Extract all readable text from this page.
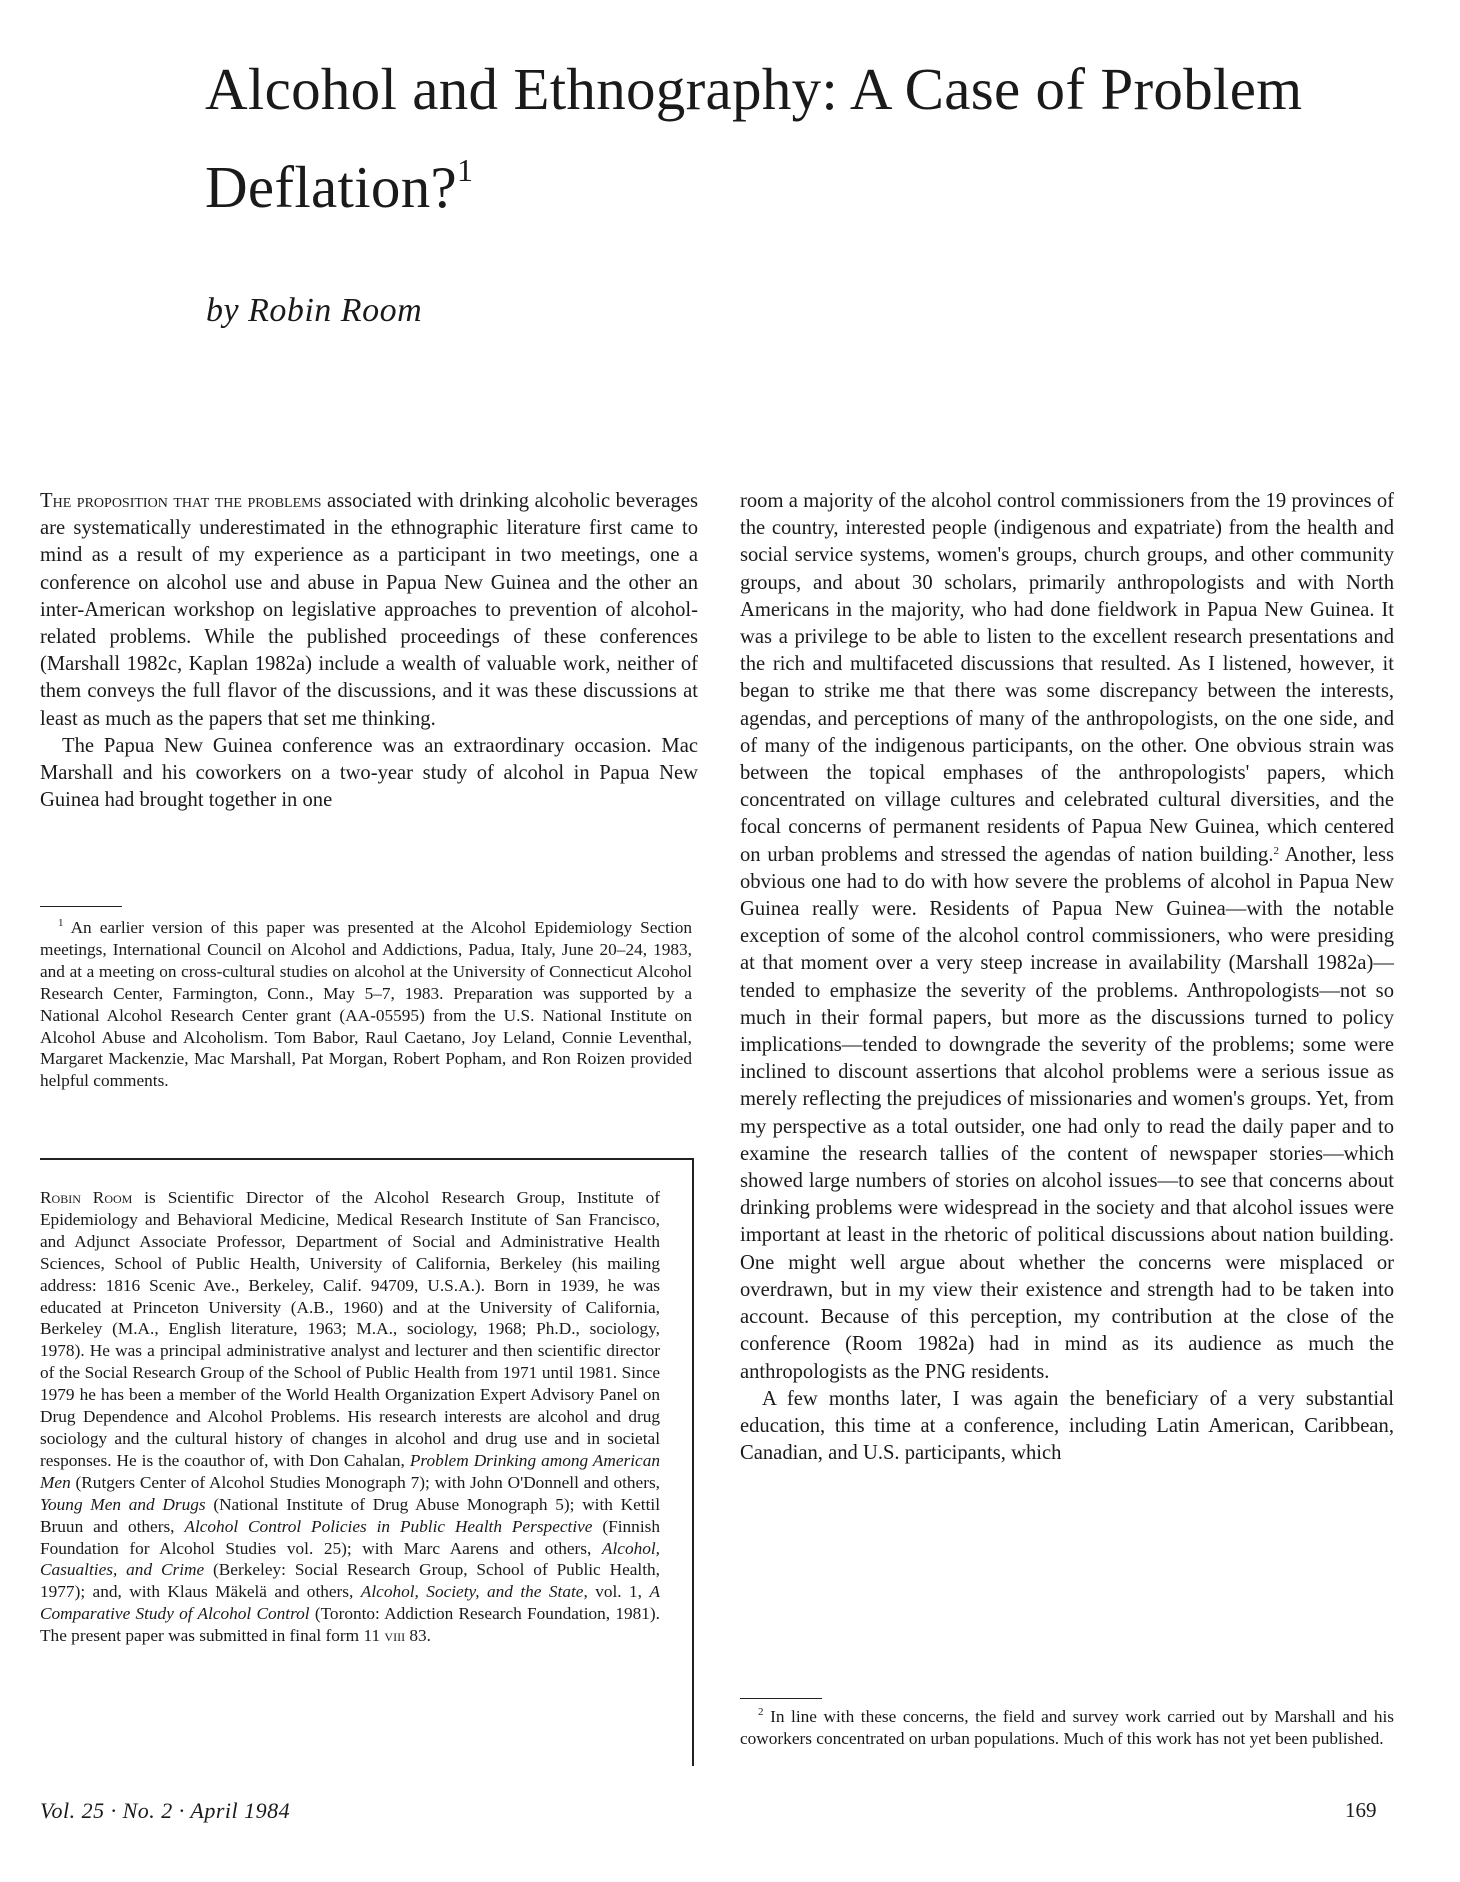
Alcohol and Ethnography: A Case of Problem Deflation?$^1$
by Robin Room

The proposition that the problems associated with drinking alcoholic beverages are systematically underestimated in the ethnographic literature first came to mind as a result of my experience as a participant in two meetings, one a conference on alcohol use and abuse in Papua New Guinea and the other an inter-American workshop on legislative approaches to prevention of alcohol-related problems. While the published proceedings of these conferences (Marshall 1982c, Kaplan 1982a) include a wealth of valuable work, neither of them conveys the full flavor of the discussions, and it was these discussions at least as much as the papers that set me thinking.

The Papua New Guinea conference was an extraordinary occasion. Mac Marshall and his coworkers on a two-year study of alcohol in Papua New Guinea had brought together in one

$^1$ An earlier version of this paper was presented at the Alcohol Epidemiology Section meetings, International Council on Alcohol and Addictions, Padua, Italy, June 20–24, 1983, and at a meeting on cross-cultural studies on alcohol at the University of Connecticut Alcohol Research Center, Farmington, Conn., May 5–7, 1983. Preparation was supported by a National Alcohol Research Center grant (AA-05595) from the U.S. National Institute on Alcohol Abuse and Alcoholism. Tom Babor, Raul Caetano, Joy Leland, Connie Leventhal, Margaret Mackenzie, Mac Marshall, Pat Morgan, Robert Popham, and Ron Roizen provided helpful comments.
Robin Room is Scientific Director of the Alcohol Research Group, Institute of Epidemiology and Behavioral Medicine, Medical Research Institute of San Francisco, and Adjunct Associate Professor, Department of Social and Administrative Health Sciences, School of Public Health, University of California, Berkeley (his mailing address: 1816 Scenic Ave., Berkeley, Calif. 94709, U.S.A.). Born in 1939, he was educated at Princeton University (A.B., 1960) and at the University of California, Berkeley (M.A., English literature, 1963; M.A., sociology, 1968; Ph.D., sociology, 1978). He was a principal administrative analyst and lecturer and then scientific director of the Social Research Group of the School of Public Health from 1971 until 1981. Since 1979 he has been a member of the World Health Organization Expert Advisory Panel on Drug Dependence and Alcohol Problems. His research interests are alcohol and drug sociology and the cultural history of changes in alcohol and drug use and in societal responses. He is the coauthor of, with Don Cahalan, Problem Drinking among American Men (Rutgers Center of Alcohol Studies Monograph 7); with John O'Donnell and others, Young Men and Drugs (National Institute of Drug Abuse Monograph 5); with Kettil Bruun and others, Alcohol Control Policies in Public Health Perspective (Finnish Foundation for Alcohol Studies vol. 25); with Marc Aarens and others, Alcohol, Casualties, and Crime (Berkeley: Social Research Group, School of Public Health, 1977); and, with Klaus Mäkelä and others, Alcohol, Society, and the State, vol. 1, A Comparative Study of Alcohol Control (Toronto: Addiction Research Foundation, 1981). The present paper was submitted in final form 11 viii 83.

room a majority of the alcohol control commissioners from the 19 provinces of the country, interested people (indigenous and expatriate) from the health and social service systems, women's groups, church groups, and other community groups, and about 30 scholars, primarily anthropologists and with North Americans in the majority, who had done fieldwork in Papua New Guinea. It was a privilege to be able to listen to the excellent research presentations and the rich and multifaceted discussions that resulted. As I listened, however, it began to strike me that there was some discrepancy between the interests, agendas, and perceptions of many of the anthropologists, on the one side, and of many of the indigenous participants, on the other. One obvious strain was between the topical emphases of the anthropologists' papers, which concentrated on village cultures and celebrated cultural diversities, and the focal concerns of permanent residents of Papua New Guinea, which centered on urban problems and stressed the agendas of nation building.$^2$ Another, less obvious one had to do with how severe the problems of alcohol in Papua New Guinea really were. Residents of Papua New Guinea—with the notable exception of some of the alcohol control commissioners, who were presiding at that moment over a very steep increase in availability (Marshall 1982a)—tended to emphasize the severity of the problems. Anthropologists—not so much in their formal papers, but more as the discussions turned to policy implications—tended to downgrade the severity of the problems; some were inclined to discount assertions that alcohol problems were a serious issue as merely reflecting the prejudices of missionaries and women's groups. Yet, from my perspective as a total outsider, one had only to read the daily paper and to examine the research tallies of the content of newspaper stories—which showed large numbers of stories on alcohol issues—to see that concerns about drinking problems were widespread in the society and that alcohol issues were important at least in the rhetoric of political discussions about nation building. One might well argue about whether the concerns were misplaced or overdrawn, but in my view their existence and strength had to be taken into account. Because of this perception, my contribution at the close of the conference (Room 1982a) had in mind as its audience as much the anthropologists as the PNG residents.

A few months later, I was again the beneficiary of a very substantial education, this time at a conference, including Latin American, Caribbean, Canadian, and U.S. participants, which

$^2$ In line with these concerns, the field and survey work carried out by Marshall and his coworkers concentrated on urban populations. Much of this work has not yet been published.
Vol. 25 · No. 2 · April 1984	169
